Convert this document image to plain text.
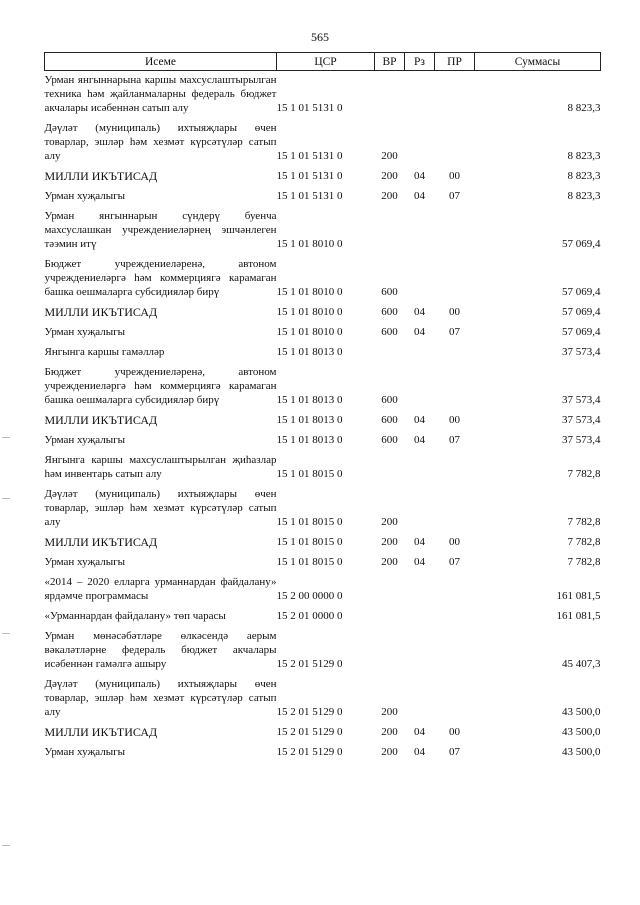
565
Исеме	ЦСР	ВР	Рз	ПР	Суммасы
Урман янгыннарына каршы махсуслаштырылган техника һәм җайланмаларны федераль бюджет акчалары исәбеннән сатып алу	15 1 01 5131 0				8 823,3
Дәүләт (муниципаль) ихтыяҗлары өчен товарлар, эшләр һәм хезмәт күрсәтүләр сатып алу	15 1 01 5131 0	200			8 823,3
МИЛЛИ ИКЪТИСАД	15 1 01 5131 0	200	04	00	8 823,3
Урман хуҗалыгы	15 1 01 5131 0	200	04	07	8 823,3
Урман янгыннарын сүндерү буенча махсуслашкан учреждениеләрнең эшчәнлеген тәэмин итү	15 1 01 8010 0				57 069,4
Бюджет учреждениеләренә, автоном учреждениеләргә һәм коммерциягә карамаган башка оешмаларга субсидияләр бирү	15 1 01 8010 0	600			57 069,4
МИЛЛИ ИКЪТИСАД	15 1 01 8010 0	600	04	00	57 069,4
Урман хуҗалыгы	15 1 01 8010 0	600	04	07	57 069,4
Янгынга каршы гамәлләр	15 1 01 8013 0				37 573,4
Бюджет учреждениеләренә, автоном учреждениеләргә һәм коммерциягә карамаган башка оешмаларга субсидияләр бирү	15 1 01 8013 0	600			37 573,4
МИЛЛИ ИКЪТИСАД	15 1 01 8013 0	600	04	00	37 573,4
Урман хуҗалыгы	15 1 01 8013 0	600	04	07	37 573,4
Янгынга каршы махсуслаштырылган җиһазлар һәм инвентарь сатып алу	15 1 01 8015 0				7 782,8
Дәүләт (муниципаль) ихтыяҗлары өчен товарлар, эшләр һәм хезмәт күрсәтүләр сатып алу	15 1 01 8015 0	200			7 782,8
МИЛЛИ ИКЪТИСАД	15 1 01 8015 0	200	04	00	7 782,8
Урман хуҗалыгы	15 1 01 8015 0	200	04	07	7 782,8
«2014 – 2020 елларга урманнардан файдалану» ярдәмче программасы	15 2 00 0000 0				161 081,5
«Урманнардан файдалану» төп чарасы	15 2 01 0000 0				161 081,5
Урман мөнәсәбәтләре өлкәсендә аерым вәкаләтләрне федераль бюджет акчалары исәбеннән гамәлгә ашыру	15 2 01 5129 0				45 407,3
Дәүләт (муниципаль) ихтыяҗлары өчен товарлар, эшләр һәм хезмәт күрсәтүләр сатып алу	15 2 01 5129 0	200			43 500,0
МИЛЛИ ИКЪТИСАД	15 2 01 5129 0	200	04	00	43 500,0
Урман хуҗалыгы	15 2 01 5129 0	200	04	07	43 500,0
